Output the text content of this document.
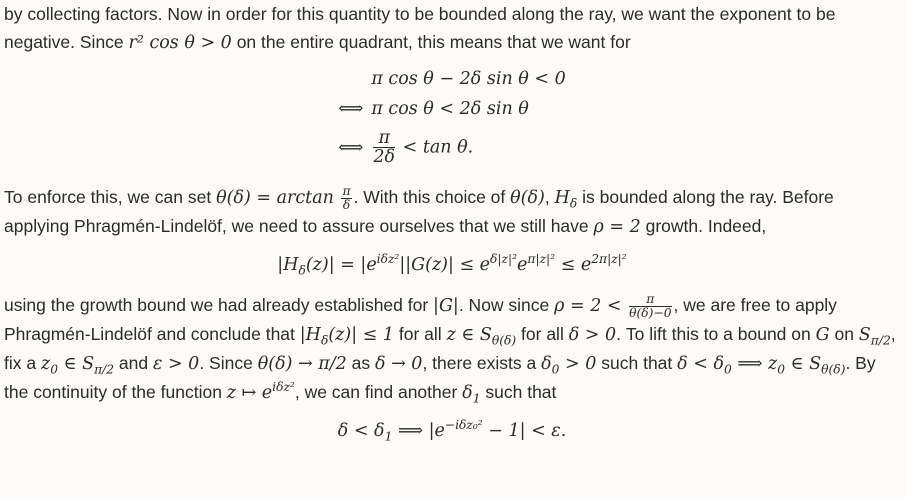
by collecting factors. Now in order for this quantity to be bounded along the ray, we want the exponent to be negative. Since r² cos θ > 0 on the entire quadrant, this means that we want for

π cos θ − 2δ sin θ < 0
⟺ π cos θ < 2δ sin θ
⟺ $\frac{\pi}{2\delta} < \tan \theta$.

To enforce this, we can set $\theta(\delta) = \arctan \frac{\pi}{\delta}$ . With this choice of θ(δ), $H_\delta$ is bounded along the ray. Before applying Phragmén-Lindelöf, we need to assure ourselves that we still have ρ = 2 growth. Indeed,

$|H_\delta(z)| = |e^{i\delta z^2}||G(z)| \le e^{\delta|z|^2}e^{\pi|z|^2} \le e^{2\pi|z|^2}$

using the growth bound we had already established for |G|. Now since $\rho = 2 < \frac{\pi}{\theta(\delta)-0}$ , we are free to apply Phragmén-Lindelöf and conclude that $|H_\delta(z)| \le 1$ for all z ∈ $S_{\theta(\delta)}$ for all δ > 0. To lift this to a bound on G on $S_{\pi/2}$, fix a $z_0$ ∈ $S_{\pi/2}$ and ε > 0. Since θ(δ) → π/2 as δ → 0, there exists a $\delta_0 > 0$ such that $\delta < \delta_0$ ⟹ $z_0$ ∈ $S_{\theta(\delta)}$. By the continuity of the function z ↦ $e^{i\delta z^2}$, we can find another $\delta_1$ such that

$\delta < \delta_1$ ⟹ $|e^{-i\delta z_0^2} - 1| < \varepsilon$.
